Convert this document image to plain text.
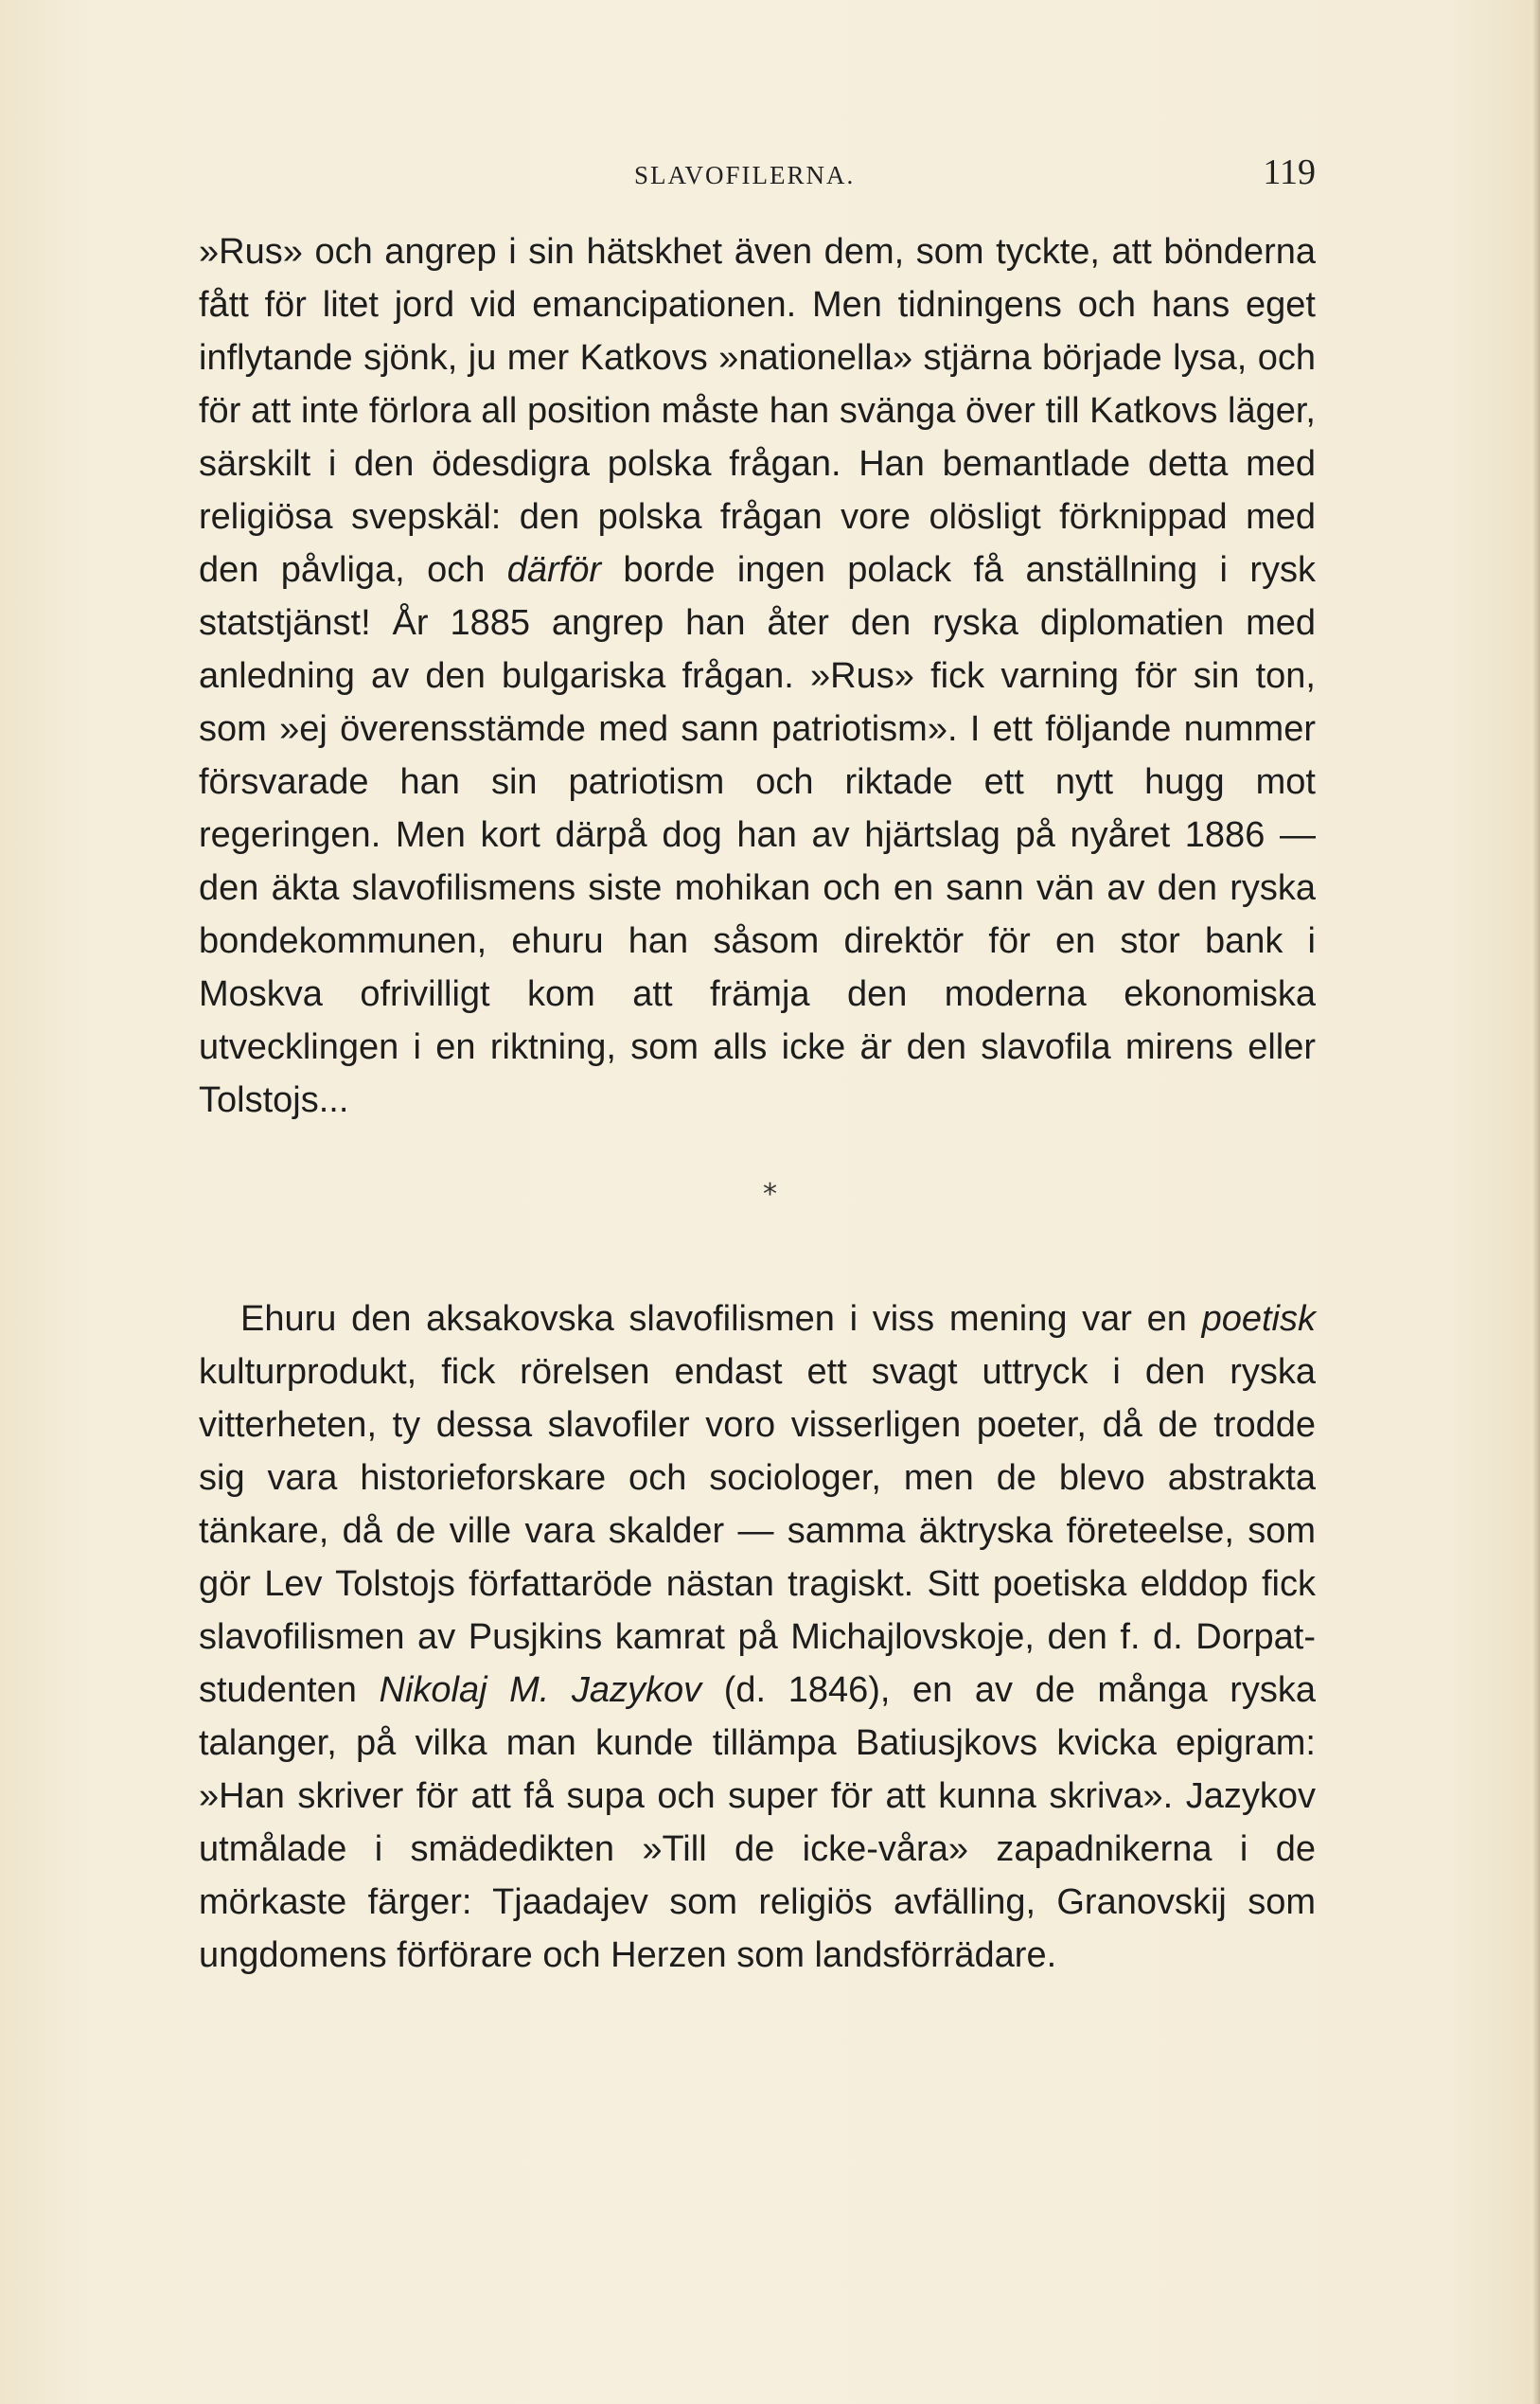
SLAVOFILERNA.	119

»Rus» och angrep i sin hätskhet även dem, som tyckte, att bönderna fått för litet jord vid emancipationen. Men tidningens och hans eget inflytande sjönk, ju mer Katkovs »nationella» stjärna började lysa, och för att inte förlora all position måste han svänga över till Katkovs läger, särskilt i den ödesdigra polska frågan. Han bemantlade detta med religiösa svepskäl: den polska frågan vore olösligt förknippad med den påvliga, och därför borde ingen polack få anställning i rysk statstjänst! År 1885 angrep han åter den ryska diplomatien med anledning av den bulgariska frågan. »Rus» fick varning för sin ton, som »ej överensstämde med sann patriotism». I ett följande nummer försvarade han sin patriotism och riktade ett nytt hugg mot regeringen. Men kort därpå dog han av hjärtslag på nyåret 1886 — den äkta slavofilismens siste mohikan och en sann vän av den ryska bondekommunen, ehuru han såsom direktör för en stor bank i Moskva ofrivilligt kom att främja den moderna ekonomiska utvecklingen i en riktning, som alls icke är den slavofila mirens eller Tolstojs...

*

Ehuru den aksakovska slavofilismen i viss mening var en poetisk kulturprodukt, fick rörelsen endast ett svagt uttryck i den ryska vitterheten, ty dessa slavofiler voro visserligen poeter, då de trodde sig vara historieforskare och sociologer, men de blevo abstrakta tänkare, då de ville vara skalder — samma äktryska företeelse, som gör Lev Tolstojs författaröde nästan tragiskt. Sitt poetiska elddop fick slavofilismen av Pusjkins kamrat på Michajlovskoje, den f. d. Dorpat-studenten Nikolaj M. Jazykov (d. 1846), en av de många ryska talanger, på vilka man kunde tillämpa Batiusjkovs kvicka epigram: »Han skriver för att få supa och super för att kunna skriva». Jazykov utmålade i smädedikten »Till de icke-våra» zapadnikerna i de mörkaste färger: Tjaadajev som religiös avfälling, Granovskij som ungdomens förförare och Herzen som landsförrädare.
